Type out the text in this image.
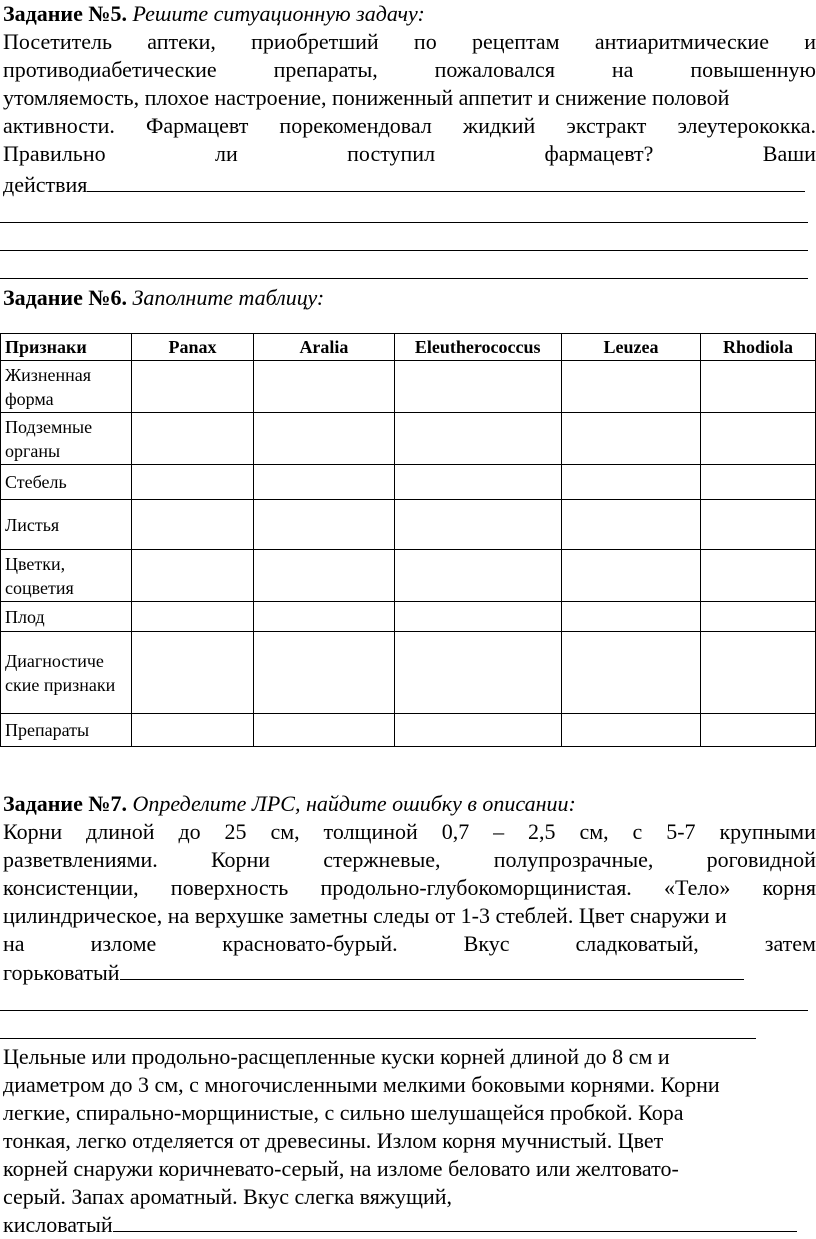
Задание №5. Решите ситуационную задачу:
Посетитель аптеки, приобретший по рецептам антиаритмические и
противодиабетические	препараты,	пожаловался	на	повышенную
утомляемость, плохое настроение, пониженный аппетит и снижение половой
активности. Фармацевт порекомендовал жидкий экстракт элеутерококка.
Правильно	ли	поступил	фармацевт?	Ваши
действия
Задание №6. Заполните таблицу:
Признаки	Panax	Aralia	Eleutherococcus	Leuzea	Rhodiola
Жизненная форма					
Подземные органы					
Стебель					
Листья					
Цветки, соцветия					
Плод					
Диагностиче ские признаки					
Препараты					
Задание №7. Определите ЛРС, найдите ошибку в описании:
Корни длиной до 25 см, толщиной 0,7 – 2,5 см, с 5-7 крупными
разветвлениями. Корни стержневые, полупрозрачные, роговидной
консистенции, поверхность продольно-глубокоморщинистая. «Тело» корня
цилиндрическое, на верхушке заметны следы от 1-3 стеблей. Цвет снаружи и
на	изломе	красновато-бурый.	Вкус	сладковатый,	затем
горьковатый
Цельные или продольно-расщепленные куски корней длиной до 8 см и
диаметром до 3 см, с многочисленными мелкими боковыми корнями. Корни
легкие, спирально-морщинистые, с сильно шелушащейся пробкой. Кора
тонкая, легко отделяется от древесины. Излом корня мучнистый. Цвет
корней снаружи коричневато-серый, на изломе беловато или желтовато-
серый. Запах ароматный. Вкус слегка вяжущий,
кисловатый
